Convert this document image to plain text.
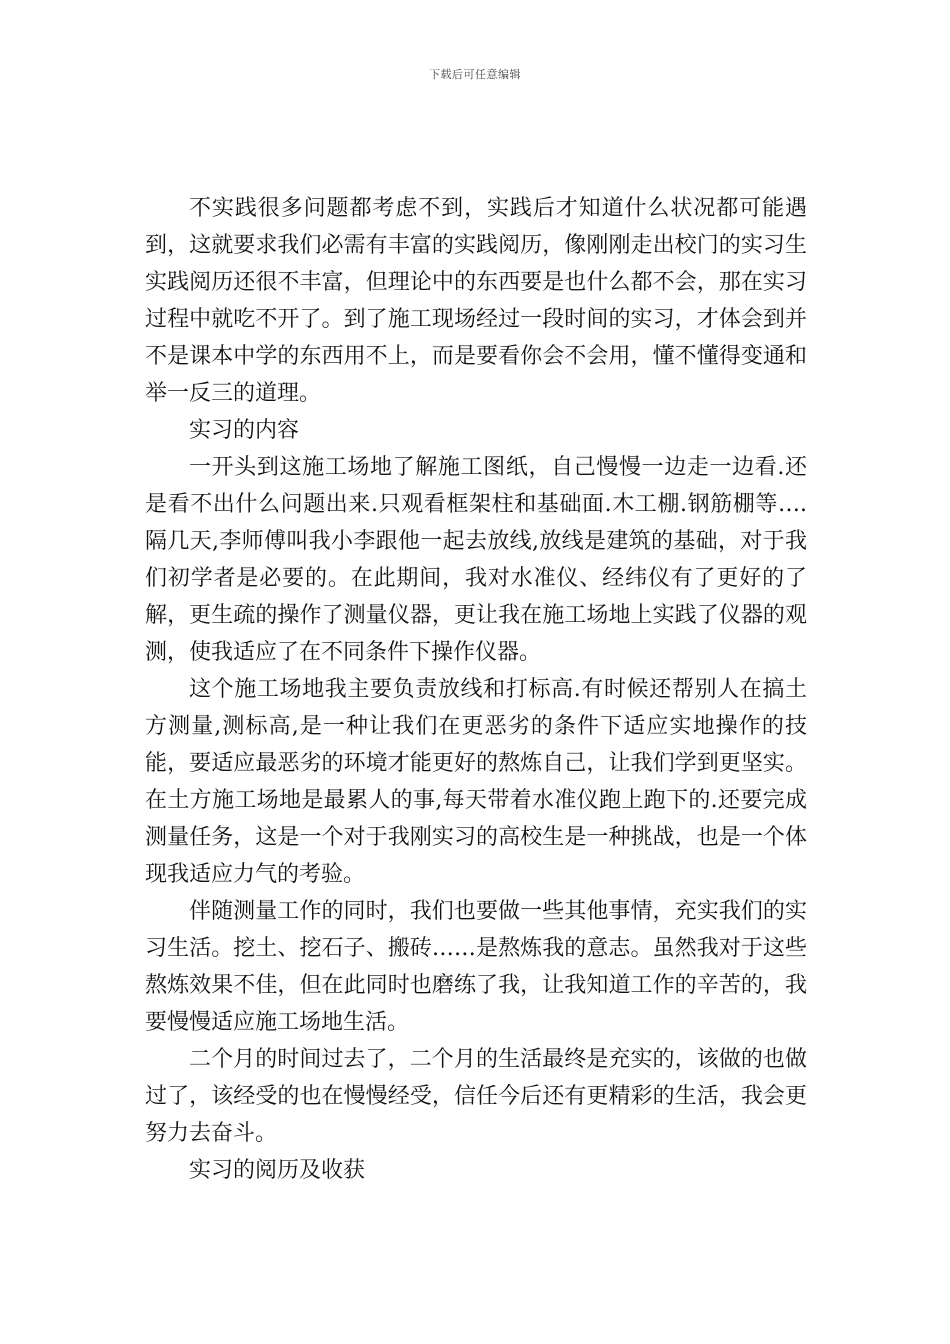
下载后可任意编辑

不实践很多问题都考虑不到，实践后才知道什么状况都可能遇到，这就要求我们必需有丰富的实践阅历，像刚刚走出校门的实习生实践阅历还很不丰富，但理论中的东西要是也什么都不会，那在实习过程中就吃不开了。到了施工现场经过一段时间的实习，才体会到并不是课本中学的东西用不上，而是要看你会不会用，懂不懂得变通和举一反三的道理。

实习的内容

一开头到这施工场地了解施工图纸，自己慢慢一边走一边看.还是看不出什么问题出来.只观看框架柱和基础面.木工棚.钢筋棚等….隔几天,李师傅叫我小李跟他一起去放线,放线是建筑的基础，对于我们初学者是必要的。在此期间，我对水准仪、经纬仪有了更好的了解，更生疏的操作了测量仪器，更让我在施工场地上实践了仪器的观测，使我适应了在不同条件下操作仪器。

这个施工场地我主要负责放线和打标高.有时候还帮别人在搞土方测量,测标高,是一种让我们在更恶劣的条件下适应实地操作的技能，要适应最恶劣的环境才能更好的熬炼自己，让我们学到更坚实。在土方施工场地是最累人的事,每天带着水准仪跑上跑下的.还要完成测量任务，这是一个对于我刚实习的高校生是一种挑战，也是一个体现我适应力气的考验。

伴随测量工作的同时，我们也要做一些其他事情，充实我们的实习生活。挖土、挖石子、搬砖……是熬炼我的意志。虽然我对于这些熬炼效果不佳，但在此同时也磨练了我，让我知道工作的辛苦的，我要慢慢适应施工场地生活。

二个月的时间过去了，二个月的生活最终是充实的，该做的也做过了，该经受的也在慢慢经受，信任今后还有更精彩的生活，我会更努力去奋斗。

实习的阅历及收获
